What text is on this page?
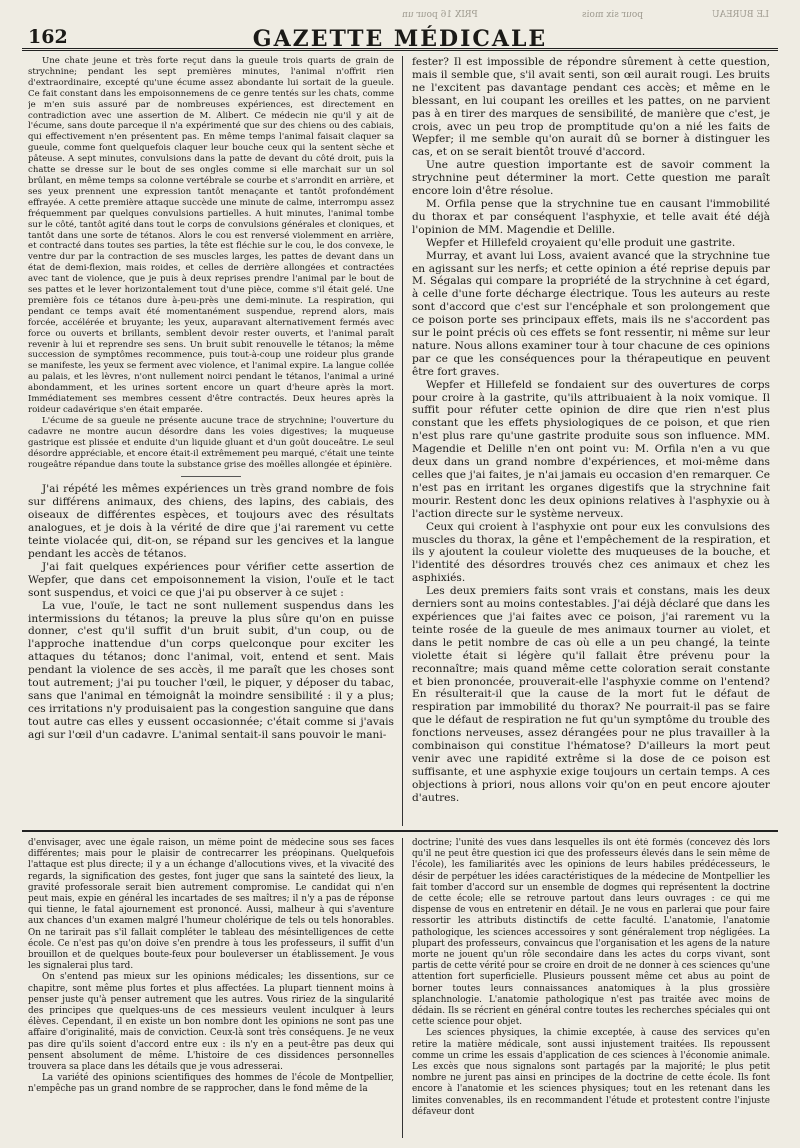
162	GAZETTE MÉDICALE
PRIX 16 pour un	pour six mois	LE BUREAU

Une chate jeune et très forte reçut dans la gueule trois quarts de grain de strychnine; pendant les sept premières minutes, l'animal n'offrit rien d'extraordinaire, excepté qu'une écume assez abondante lui sortait de la gueule. Ce fait constant dans les empoisonnemens de ce genre tentés sur les chats, comme je m'en suis assuré par de nombreuses expériences, est directement en contradiction avec une assertion de M. Alibert. Ce médecin nie qu'il y ait de l'écume, sans doute parceque il n'a expérimenté que sur des chiens ou des cabiais, qui effectivement n'en présentent pas. En même temps l'animal faisait claquer sa gueule, comme font quelquefois claquer leur bouche ceux qui la sentent sèche et pâteuse. A sept minutes, convulsions dans la patte de devant du côté droit, puis la chatte se dresse sur le bout de ses ongles comme si elle marchait sur un sol brûlant, en même temps sa colonne vertébrale se courbe et s'arrondit en arrière, et ses yeux prennent une expression tantôt menaçante et tantôt profondément effrayée. A cette première attaque succède une minute de calme, interrompu assez fréquemment par quelques convulsions partielles. A huit minutes, l'animal tombe sur le côté, tantôt agité dans tout le corps de convulsions générales et cloniques, et tantôt dans une sorte de tétanos. Alors le cou est renversé violemment en arrière, et contracté dans toutes ses parties, la tête est fléchie sur le cou, le dos convexe, le ventre dur par la contraction de ses muscles larges, les pattes de devant dans un état de demi-flexion, mais roides, et celles de derrière allongées et contractées avec tant de violence, que je puis à deux reprises prendre l'animal par le bout de ses pattes et le lever horizontalement tout d'une pièce, comme s'il était gelé. Une première fois ce tétanos dure à-peu-près une demi-minute. La respiration, qui pendant ce temps avait été momentanément suspendue, reprend alors, mais forcée, accélérée et bruyante; les yeux, auparavant alternativement fermés avec force ou ouverts et brillants, semblent devoir rester ouverts, et l'animal paraît revenir à lui et reprendre ses sens. Un bruit subit renouvelle le tétanos; la même succession de symptômes recommence, puis tout-à-coup une roideur plus grande se manifeste, les yeux se ferment avec violence, et l'animal expire. La langue collée au palais, et les lèvres, n'ont nullement noirci pendant le tétanos, l'animal a uriné abondamment, et les urines sortent encore un quart d'heure après la mort. Immédiatement ses membres cessent d'être contractés. Deux heures après la roideur cadavérique s'en était emparée.

L'écume de sa gueule ne présente aucune trace de strychnine; l'ouverture du cadavre ne montre aucun désordre dans les voies digestives; la muqueuse gastrique est plissée et enduite d'un liquide gluant et d'un goût douceâtre. Le seul désordre appréciable, et encore était-il extrêmement peu marqué, c'était une teinte rougeâtre répandue dans toute la substance grise des moëlles allongée et épinière.

J'ai répété les mêmes expériences un très grand nombre de fois sur différens animaux, des chiens, des lapins, des cabiais, des oiseaux de différentes espèces, et toujours avec des résultats analogues, et je dois à la vérité de dire que j'ai rarement vu cette teinte violacée qui, dit-on, se répand sur les gencives et la langue pendant les accès de tétanos.

J'ai fait quelques expériences pour vérifier cette assertion de Wepfer, que dans cet empoisonnement la vision, l'ouïe et le tact sont suspendus, et voici ce que j'ai pu observer à ce sujet :

La vue, l'ouïe, le tact ne sont nullement suspendus dans les intermissions du tétanos; la preuve la plus sûre qu'on en puisse donner, c'est qu'il suffit d'un bruit subit, d'un coup, ou de l'approche inattendue d'un corps quelconque pour exciter les attaques du tétanos; donc l'animal, voit, entend et sent. Mais pendant la violence de ses accès, il me paraît que les choses sont tout autrement; j'ai pu toucher l'œil, le piquer, y déposer du tabac, sans que l'animal en témoignât la moindre sensibilité : il y a plus; ces irritations n'y produisaient pas la congestion sanguine que dans tout autre cas elles y eussent occasionnée; c'était comme si j'avais agi sur l'œil d'un cadavre. L'animal sentait-il sans pouvoir le mani-

fester? Il est impossible de répondre sûrement à cette question, mais il semble que, s'il avait senti, son œil aurait rougi. Les bruits ne l'excitent pas davantage pendant ces accès; et même en le blessant, en lui coupant les oreilles et les pattes, on ne parvient pas à en tirer des marques de sensibilité, de manière que c'est, je crois, avec un peu trop de promptitude qu'on a nié les faits de Wepfer; il me semble qu'on aurait dû se borner à distinguer les cas, et on se serait bientôt trouvé d'accord.

Une autre question importante est de savoir comment la strychnine peut déterminer la mort. Cette question me paraît encore loin d'être résolue.

M. Orfila pense que la strychnine tue en causant l'immobilité du thorax et par conséquent l'asphyxie, et telle avait été déjà l'opinion de MM. Magendie et Delille.

Wepfer et Hillefeld croyaient qu'elle produit une gastrite.

Murray, et avant lui Loss, avaient avancé que la strychnine tue en agissant sur les nerfs; et cette opinion a été reprise depuis par M. Ségalas qui compare la propriété de la strychnine à cet égard, à celle d'une forte décharge électrique. Tous les auteurs au reste sont d'accord que c'est sur l'encéphale et son prolongement que ce poison porte ses principaux effets, mais ils ne s'accordent pas sur le point précis où ces effets se font ressentir, ni même sur leur nature. Nous allons examiner tour à tour chacune de ces opinions par ce que les conséquences pour la thérapeutique en peuvent être fort graves.

Wepfer et Hillefeld se fondaient sur des ouvertures de corps pour croire à la gastrite, qu'ils attribuaient à la noix vomique. Il suffit pour réfuter cette opinion de dire que rien n'est plus constant que les effets physiologiques de ce poison, et que rien n'est plus rare qu'une gastrite produite sous son influence. MM. Magendie et Delille n'en ont point vu: M. Orfila n'en a vu que deux dans un grand nombre d'expériences, et moi-même dans celles que j'ai faites, je n'ai jamais eu occasion d'en remarquer. Ce n'est pas en irritant les organes digestifs que la strychnine fait mourir. Restent donc les deux opinions relatives à l'asphyxie ou à l'action directe sur le système nerveux.

Ceux qui croient à l'asphyxie ont pour eux les convulsions des muscles du thorax, la gêne et l'empêchement de la respiration, et ils y ajoutent la couleur violette des muqueuses de la bouche, et l'identité des désordres trouvés chez ces animaux et chez les asphixiés.

Les deux premiers faits sont vrais et constans, mais les deux derniers sont au moins contestables. J'ai déjà déclaré que dans les expériences que j'ai faites avec ce poison, j'ai rarement vu la teinte rosée de la gueule de mes animaux tourner au violet, et dans le petit nombre de cas où elle a un peu changé, la teinte violette était si légère qu'il fallait être prévenu pour la reconnaître; mais quand même cette coloration serait constante et bien prononcée, prouverait-elle l'asphyxie comme on l'entend? En résulterait-il que la cause de la mort fut le défaut de respiration par immobilité du thorax? Ne pourrait-il pas se faire que le défaut de respiration ne fut qu'un symptôme du trouble des fonctions nerveuses, assez dérangées pour ne plus travailler à la combinaison qui constitue l'hématose? D'ailleurs la mort peut venir avec une rapidité extrême si la dose de ce poison est suffisante, et une asphyxie exige toujours un certain temps. A ces objections à priori, nous allons voir qu'on en peut encore ajouter d'autres.

d'envisager, avec une égale raison, un même point de médecine sous ses faces différentes; mais pour le plaisir de contrecarrer les préopinans. Quelquefois l'attaque est plus directe; il y a un échange d'allocutions vives, et la vivacité des regards, la signification des gestes, font juger que sans la sainteté des lieux, la gravité professorale serait bien autrement compromise. Le candidat qui n'en peut mais, expie en général les incartades de ses maîtres; il n'y a pas de réponse qui tienne, le fatal ajournement est prononcé. Aussi, malheur à qui s'aventure aux chances d'un examen malgré l'humeur cholérique de tels ou tels honorables. On ne tarirait pas s'il fallait compléter le tableau des mésintelligences de cette école. Ce n'est pas qu'on doive s'en prendre à tous les professeurs, il suffit d'un brouillon et de quelques boute-feux pour bouleverser un établissement. Je vous les signalerai plus tard.

On s'entend pas mieux sur les opinions médicales; les dissentions, sur ce chapitre, sont même plus fortes et plus affectées. La plupart tiennent moins à penser juste qu'à penser autrement que les autres. Vous ririez de la singularité des principes que quelques-uns de ces messieurs veulent inculquer à leurs élèves. Cependant, il en existe un bon nombre dont les opinions ne sont pas une affaire d'originalité, mais de conviction. Ceux-là sont très conséquens. Je ne veux pas dire qu'ils soient d'accord entre eux : ils n'y en a peut-être pas deux qui pensent absolument de même. L'histoire de ces dissidences personnelles trouvera sa place dans les détails que je vous adresserai.

La variété des opinions scientifiques des hommes de l'école de Montpellier, n'empêche pas un grand nombre de se rapprocher, dans le fond même de la

doctrine; l'unité des vues dans lesquelles ils ont été formés (concevez dès lors qu'il ne peut être question ici que des professeurs élevés dans le sein même de l'école), les familiarités avec les opinions de leurs habiles prédécesseurs, le désir de perpétuer les idées caractéristiques de la médecine de Montpellier les fait tomber d'accord sur un ensemble de dogmes qui représentent la doctrine de cette école; elle se retrouve partout dans leurs ouvrages : ce qui me dispense de vous en entretenir en détail. Je ne vous en parlerai que pour faire ressortir les attributs distinctifs de cette faculté. L'anatomie, l'anatomie pathologique, les sciences accessoires y sont généralement trop négligées. La plupart des professeurs, convaincus que l'organisation et les agens de la nature morte ne jouent qu'un rôle secondaire dans les actes du corps vivant, sont partis de cette vérité pour se croire en droit de ne donner à ces sciences qu'une attention fort superficielle. Plusieurs poussent même cet abus au point de borner toutes leurs connaissances anatomiques à la plus grossière splanchnologie. L'anatomie pathologique n'est pas traitée avec moins de dédain. Ils se récrient en général contre toutes les recherches spéciales qui ont cette science pour objet.

Les sciences physiques, la chimie exceptée, à cause des services qu'en retire la matière médicale, sont aussi injustement traitées. Ils repoussent comme un crime les essais d'application de ces sciences à l'économie animale. Les excès que nous signalons sont partagés par la majorité; le plus petit nombre ne jurent pas ainsi en principes de la doctrine de cette école. Ils font encore à l'anatomie et les sciences physiques; tout en les retenant dans les limites convenables, ils en recommandent l'étude et protestent contre l'injuste défaveur dont
